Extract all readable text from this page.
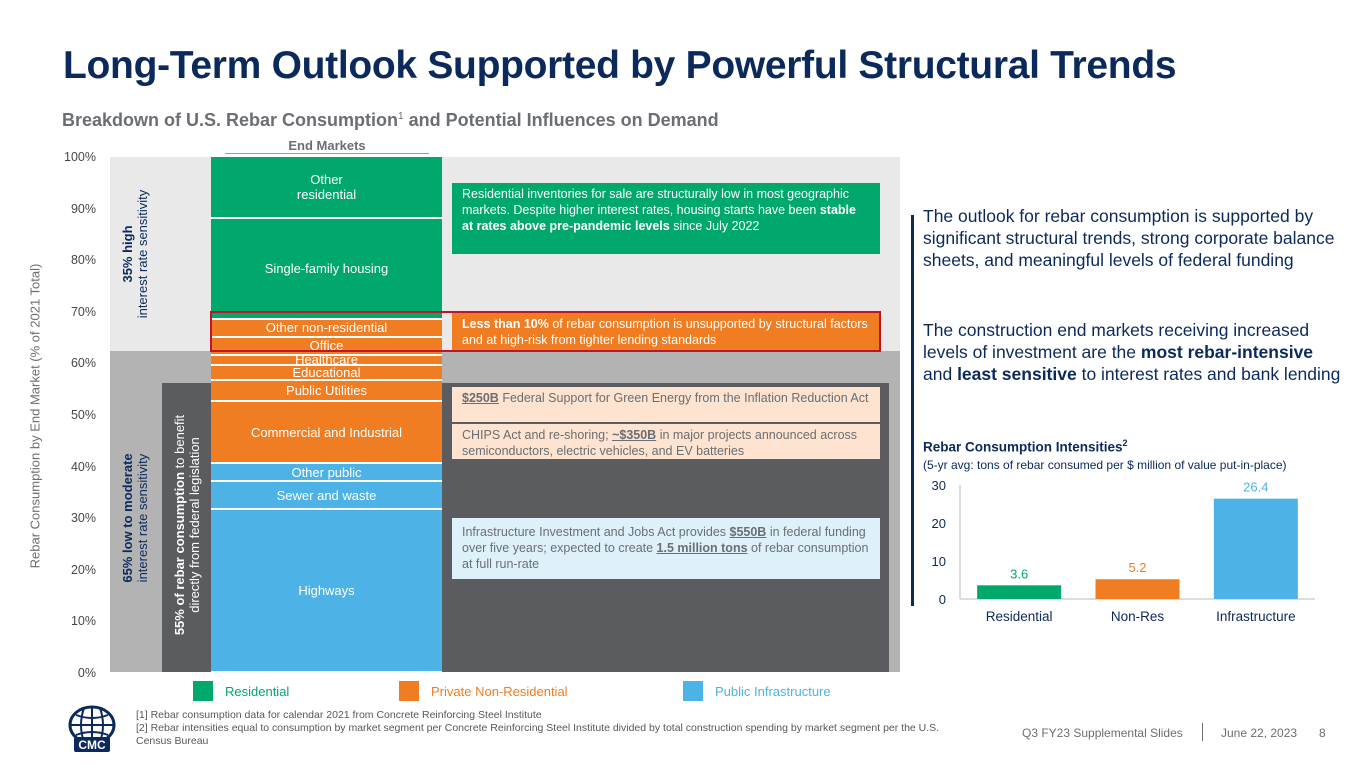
Long-Term Outlook Supported by Powerful Structural Trends
Breakdown of U.S. Rebar Consumption$^1$ and Potential Influences on Demand
Rebar Consumption by End Market (% of 2021 Total)
0%
10%
20%
30%
40%
50%
60%
70%
80%
90%
100%
End Markets
Highways
Sewer and waste
Other public
Commercial and Industrial
Public Utilities
Educational
Healthcare
Office
Other non-residential
Single-family housing
Other
residential
35% high
interest rate sensitivity
65% low to moderate
interest rate sensitivity 55% of rebar consumption to benefit
directly from federal legislation
Residential inventories for sale are structurally low in most geographic markets. Despite higher interest rates, housing starts have been stable at rates above pre-pandemic levels since July 2022
Less than 10% of rebar consumption is unsupported by structural factors and at high-risk from tighter lending standards
$250B Federal Support for Green Energy from the Inflation Reduction Act
CHIPS Act and re-shoring; ~$350B in major projects announced across semiconductors, electric vehicles, and EV batteries
Infrastructure Investment and Jobs Act provides $550B in federal funding over five years; expected to create 1.5 million tons of rebar consumption at full run-rate
Residential	Private Non-Residential	Public Infrastructure
The outlook for rebar consumption is supported by significant structural trends, strong corporate balance sheets, and meaningful levels of federal funding
The construction end markets receiving increased levels of investment are the most rebar-intensive and least sensitive to interest rates and bank lending
Rebar Consumption Intensities$^2$
(5-yr avg: tons of rebar consumed per $ million of value put-in-place)
0
10
20
30
3.6
Residential
5.2
Non-Res
26.4
Infrastructure
CMC
[1] Rebar consumption data for calendar 2021 from Concrete Reinforcing Steel Institute
[2] Rebar intensities equal to consumption by market segment per Concrete Reinforcing Steel Institute divided by total construction spending by market segment per the U.S. Census Bureau
Q3 FY23 Supplemental Slides	June 22, 2023 8
